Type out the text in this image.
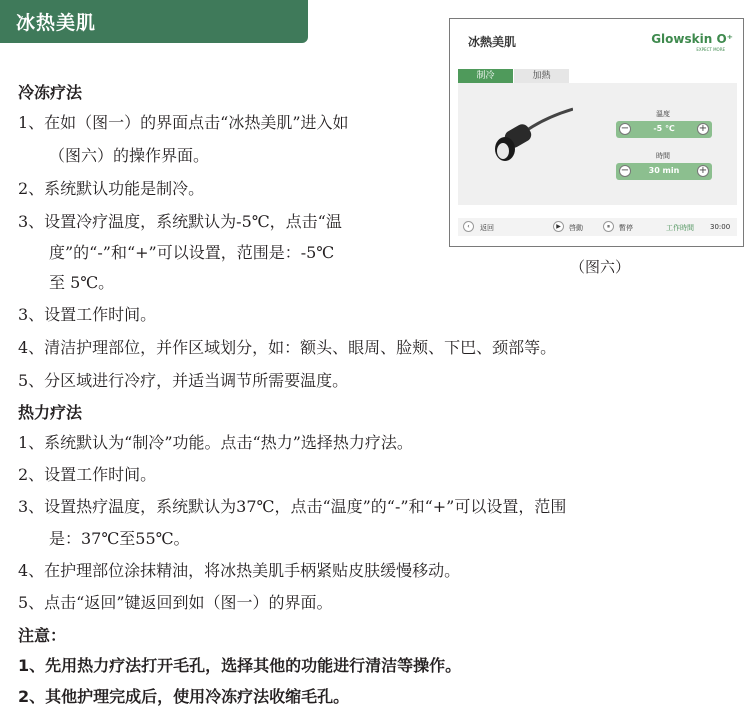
冰热美肌
冰熱美肌	Glowskin O⁺
EXPECT MORE
制冷	加熱
溫度
−	-5 ℃	+
時間
−	30 min	+
‹	返回	▶	啓動	⏸	暫停	工作時間 30:00
（图六）
冷冻疗法
1、在如（图一）的界面点击“冰热美肌”进入如
（图六）的操作界面。
2、系统默认功能是制冷。
3、设置冷疗温度，系统默认为-5℃，点击“温
度”的“-”和“+”可以设置，范围是：-5℃
至 5℃。
3、设置工作时间。
4、清洁护理部位，并作区域划分，如：额头、眼周、脸颊、下巴、颈部等。
5、分区域进行冷疗，并适当调节所需要温度。
热力疗法
1、系统默认为“制冷”功能。点击“热力”选择热力疗法。
2、设置工作时间。
3、设置热疗温度，系统默认为37℃，点击“温度”的“-”和“+”可以设置，范围
是：37℃至55℃。
4、在护理部位涂抹精油，将冰热美肌手柄紧贴皮肤缓慢移动。
5、点击“返回”键返回到如（图一）的界面。
注意：
1、先用热力疗法打开毛孔，选择其他的功能进行清洁等操作。
2、其他护理完成后，使用冷冻疗法收缩毛孔。
